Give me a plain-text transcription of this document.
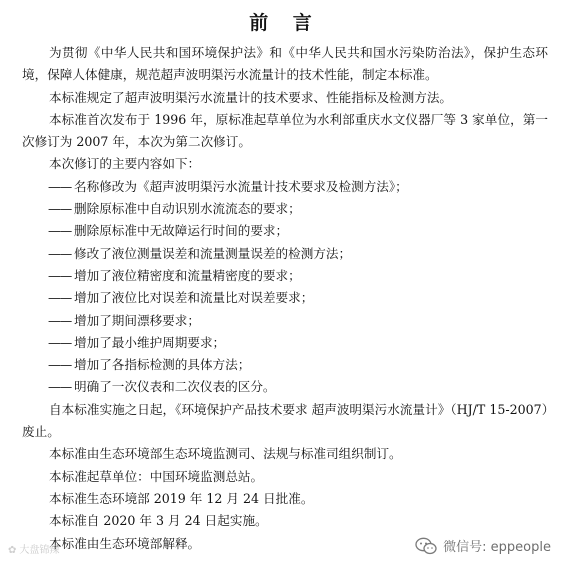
前 言

为贯彻《中华人民共和国环境保护法》和《中华人民共和国水污染防治法》，保护生态环境，保障人体健康，规范超声波明渠污水流量计的技术性能，制定本标准。

本标准规定了超声波明渠污水流量计的技术要求、性能指标及检测方法。

本标准首次发布于 1996 年，原标准起草单位为水利部重庆水文仪器厂等 3 家单位，第一次修订为 2007 年，本次为第二次修订。

本次修订的主要内容如下：

—— 名称修改为《超声波明渠污水流量计技术要求及检测方法》；
—— 删除原标准中自动识别水流流态的要求；
—— 删除原标准中无故障运行时间的要求；
—— 修改了液位测量误差和流量测量误差的检测方法；
—— 增加了液位精密度和流量精密度的要求；
—— 增加了液位比对误差和流量比对误差要求；
—— 增加了期间漂移要求；
—— 增加了最小维护周期要求；
—— 增加了各指标检测的具体方法；
—— 明确了一次仪表和二次仪表的区分。

自本标准实施之日起，《环境保护产品技术要求 超声波明渠污水流量计》（HJ/T 15-2007）废止。

本标准由生态环境部生态环境监测司、法规与标准司组织制订。

本标准起草单位：中国环境监测总站。

本标准生态环境部 2019 年 12 月 24 日批准。

本标准自 2020 年 3 月 24 日起实施。

本标准由生态环境部解释。

✿ 大盘锦辣	微信号: eppeople
